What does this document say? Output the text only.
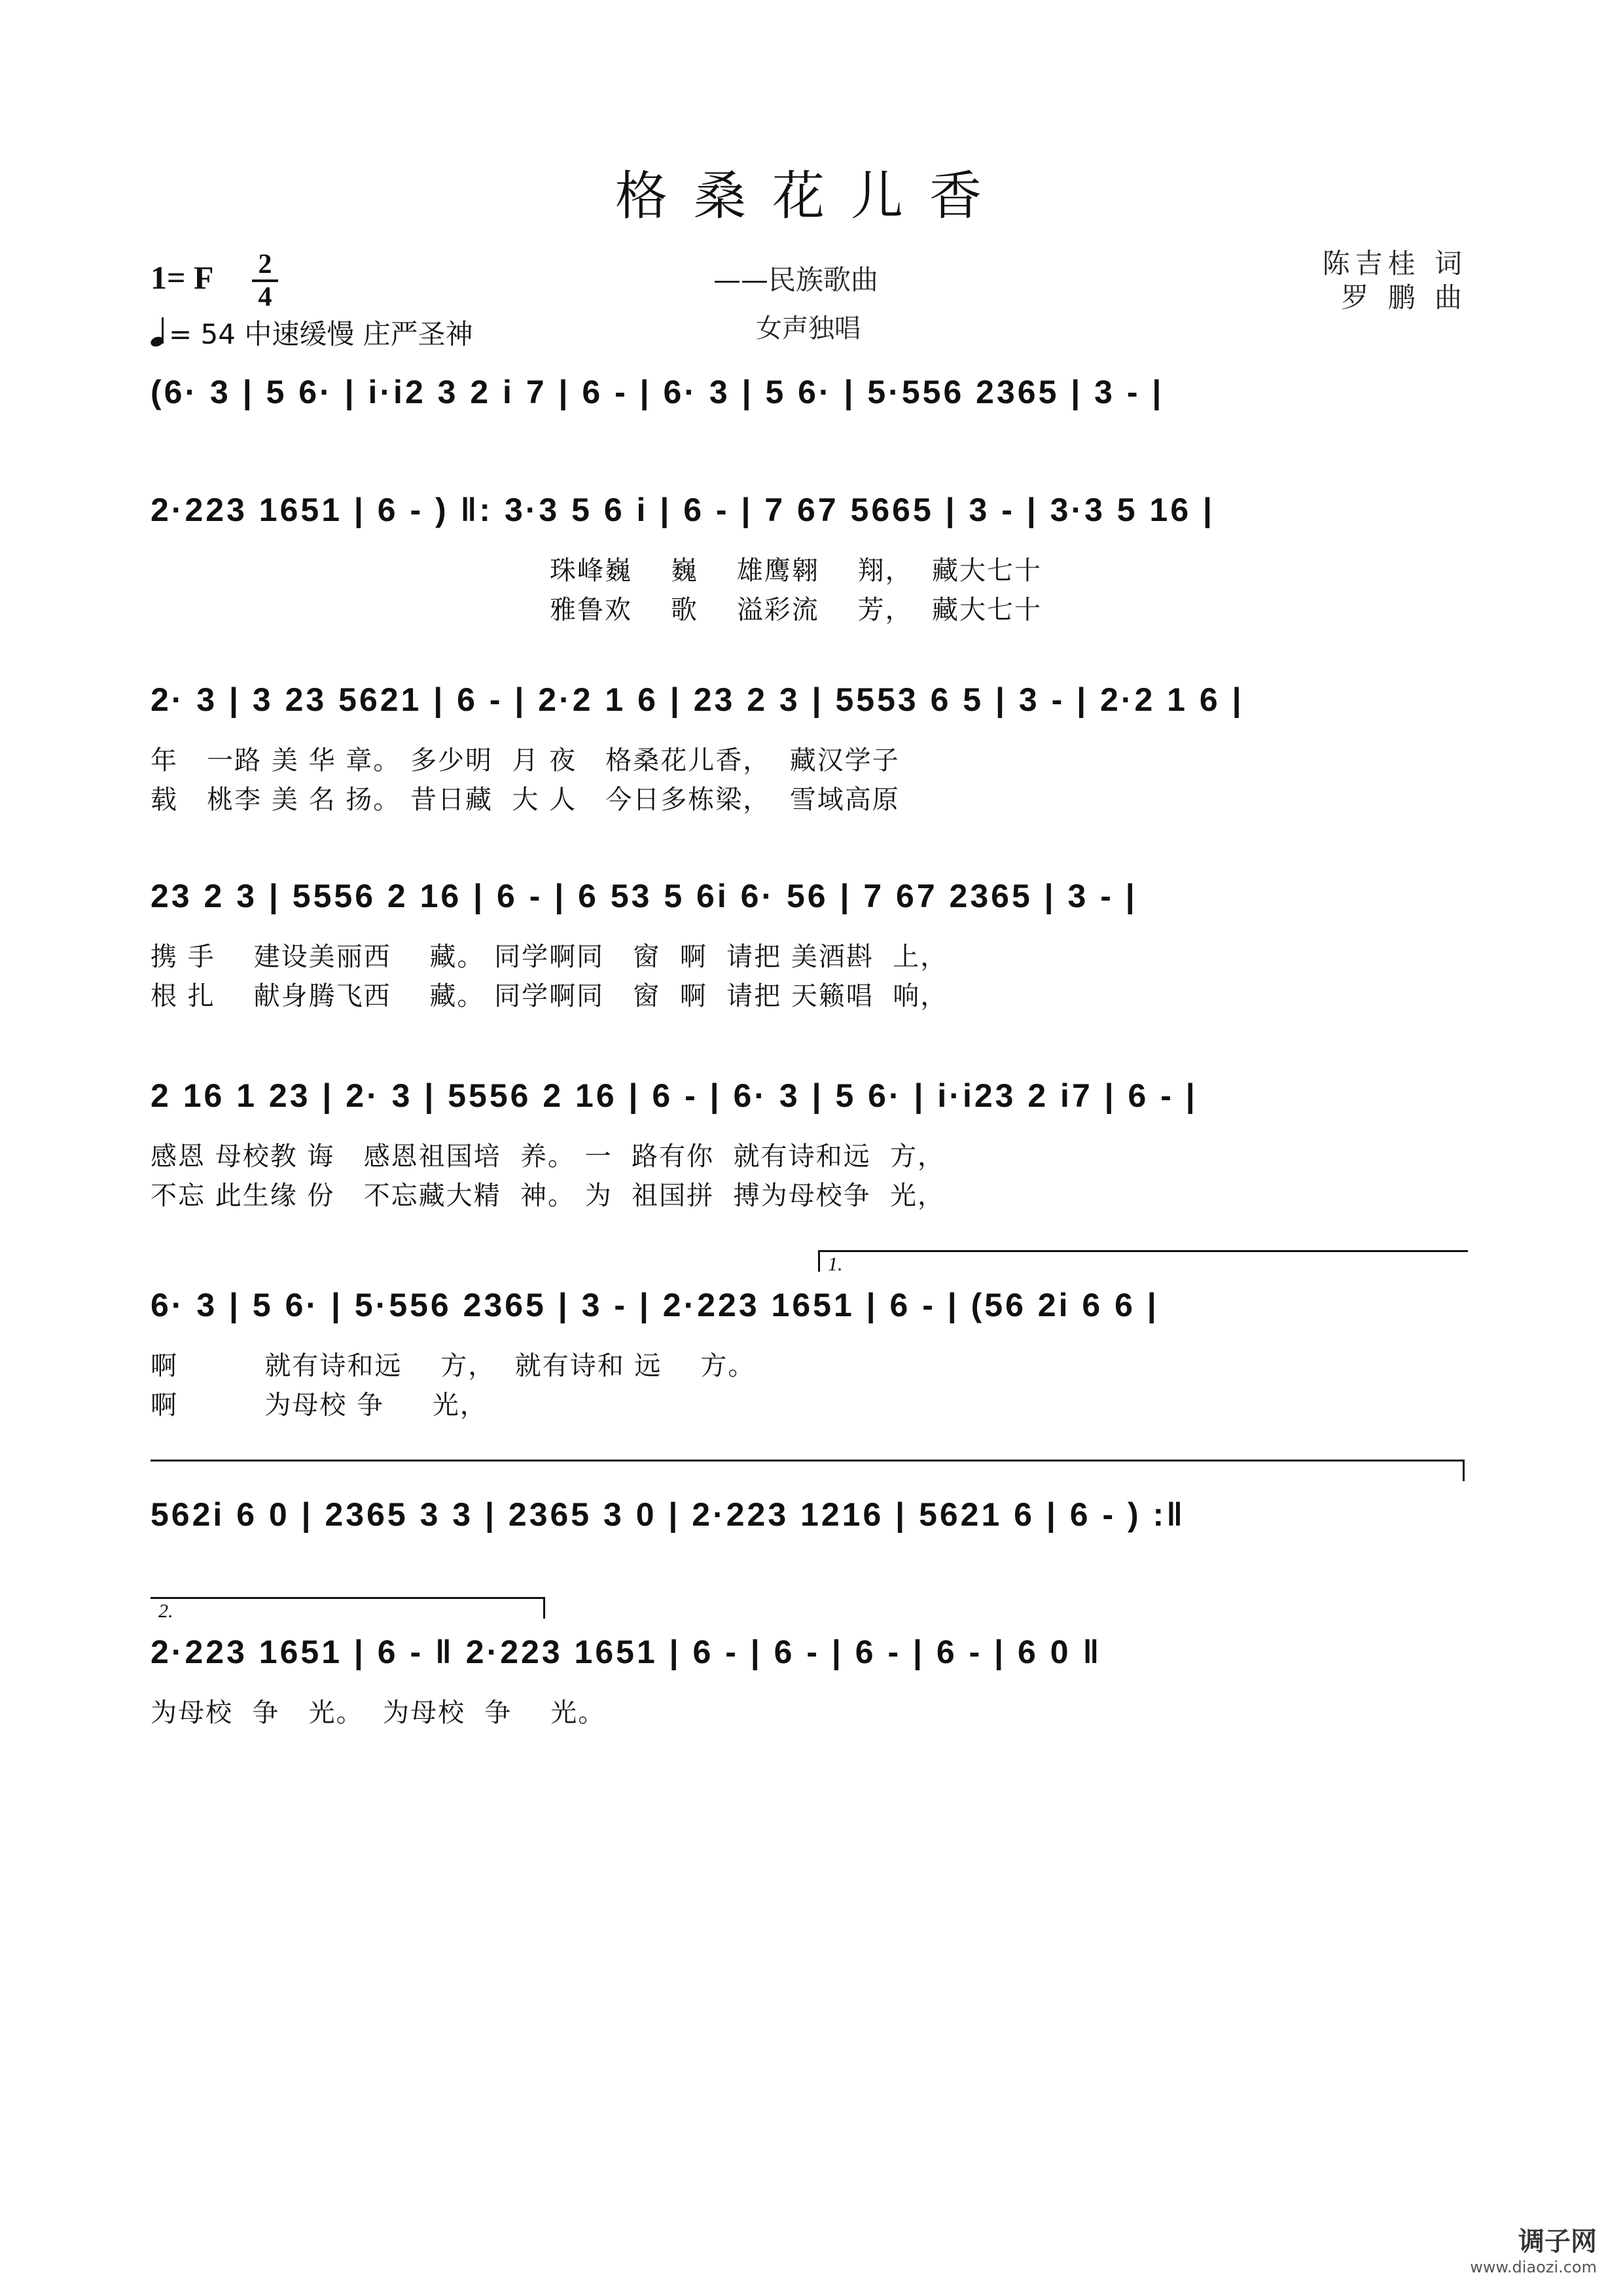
格桑花儿香
1= F 2
4
= 54 中速缓慢 庄严圣神
——民族歌曲
女声独唱
陈吉桂 词
罗 鹏 曲
(6· 3 | 5 6· | i·i2 3 2 i 7 | 6 - | 6· 3 | 5 6· | 5·556 2365 | 3 - |
2·223 1651 | 6 - ) ‖: 3·3 5 6 i | 6 - | 7 67 5665 | 3 - | 3·3 5 16 |
珠峰巍    巍    雄鹰翱    翔，  藏大七十
雅鲁欢    歌    溢彩流    芳，  藏大七十
2· 3 | 3 23 5621 | 6 - | 2·2 1 6 | 23 2 3 | 5553 6 5 | 3 - | 2·2 1 6 |
年   一路 美 华 章。 多少明  月 夜   格桑花儿香，  藏汉学子
载   桃李 美 名 扬。 昔日藏  大 人   今日多栋梁，  雪域高原
23 2 3 | 5556 2 16 | 6 - | 6 53 5 6i 6· 56 | 7 67 2365 | 3 - |
携 手    建设美丽西    藏。 同学啊同   窗  啊  请把 美酒斟  上，
根 扎    献身腾飞西    藏。 同学啊同   窗  啊  请把 天籁唱  响，
2 16 1 23 | 2· 3 | 5556 2 16 | 6 - | 6· 3 | 5 6· | i·i23 2 i7 | 6 - |
感恩 母校教 诲   感恩祖国培  养。 一  路有你  就有诗和远  方，
不忘 此生缘 份   不忘藏大精  神。 为  祖国拼  搏为母校争  光，
1.
6· 3 | 5 6· | 5·556 2365 | 3 - | 2·223 1651 | 6 - | (56 2i 6 6 |
啊         就有诗和远    方，  就有诗和 远    方。
啊         为母校 争     光，
562i 6 0 | 2365 3 3 | 2365 3 0 | 2·223 1216 | 5621 6 | 6 - ) :‖
2.
2·223 1651 | 6 - ‖ 2·223 1651 | 6 - | 6 - | 6 - | 6 - | 6 0 ‖
为母校  争   光。  为母校  争    光。
调子网
www.diaozi.com
